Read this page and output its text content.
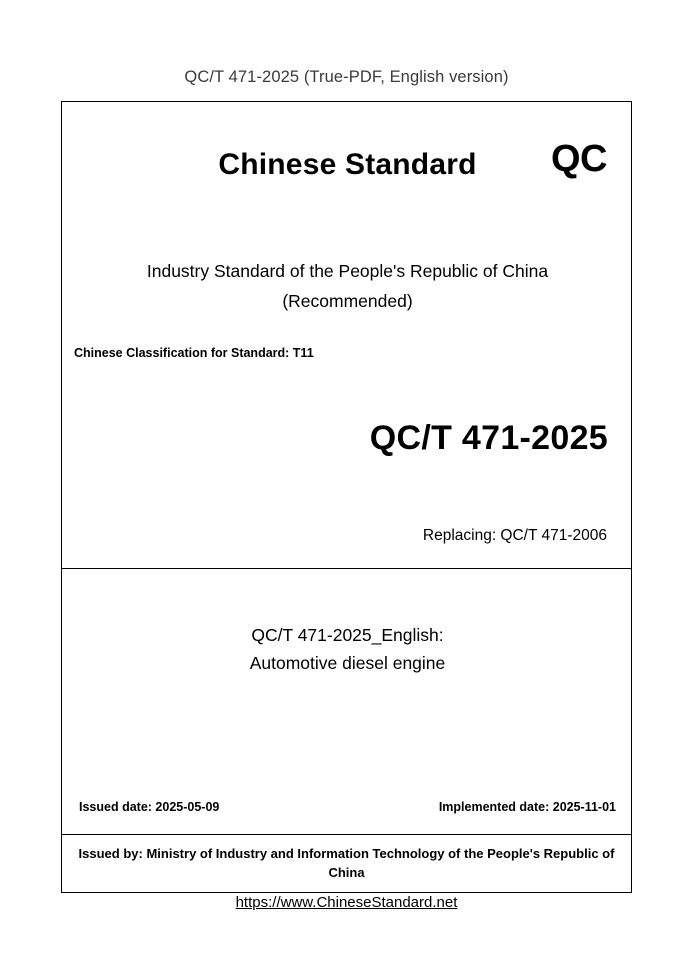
QC/T 471-2025 (True-PDF, English version)
Chinese Standard	QC
Industry Standard of the People's Republic of China
(Recommended)
Chinese Classification for Standard: T11
QC/T 471-2025
Replacing: QC/T 471-2006
QC/T 471-2025_English:
Automotive diesel engine
Issued date: 2025-05-09	Implemented date: 2025-11-01
Issued by: Ministry of Industry and Information Technology of the People's Republic of China
https://www.ChineseStandard.net
